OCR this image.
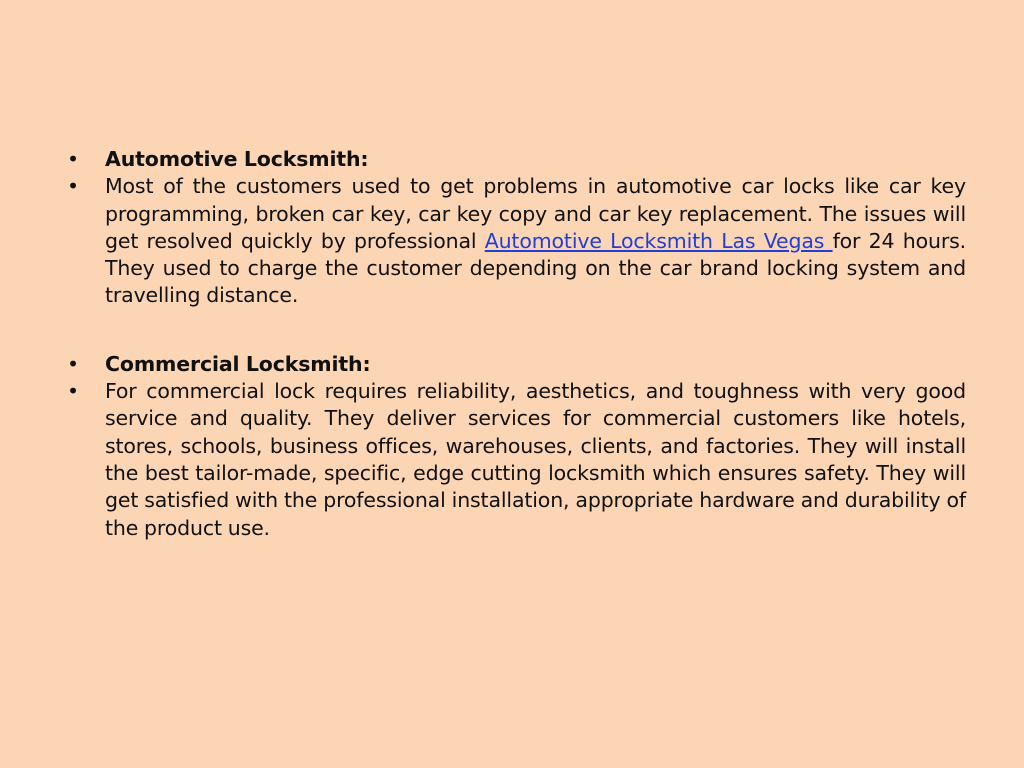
•	Automotive Locksmith:
•	Most of the customers used to get problems in automotive car locks like car key programming, broken car key, car key copy and car key replacement. The issues will get resolved quickly by professional Automotive Locksmith Las Vegas for 24 hours. They used to charge the customer depending on the car brand locking system and travelling distance.
•	Commercial Locksmith:
•	For commercial lock requires reliability, aesthetics, and toughness with very good service and quality. They deliver services for commercial customers like hotels, stores, schools, business offices, warehouses, clients, and factories. They will install the best tailor-made, specific, edge cutting locksmith which ensures safety. They will get satisfied with the professional installation, appropriate hardware and durability of the product use.
